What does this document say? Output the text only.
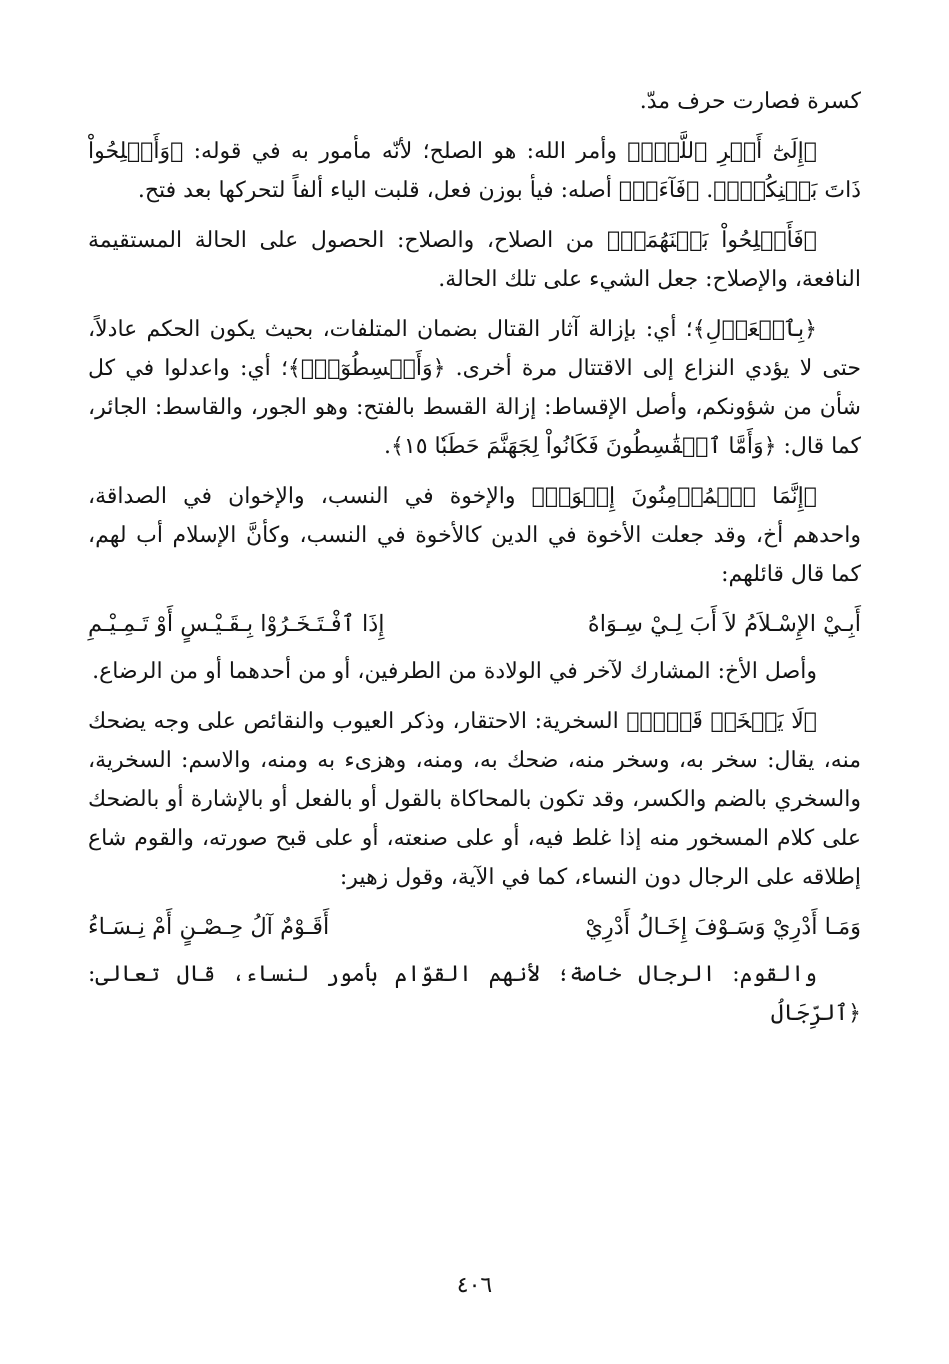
كسرة فصارت حرف مدّ.

﴿إِلَىٰٓ أَمۡرِ ٱللَّهِۚ﴾ وأمر الله: هو الصلح؛ لأنّه مأمور به في قوله: ﴿وَأَصۡلِحُواْ ذَاتَ بَيۡنِكُمۡۖ﴾. ﴿فَآءَتۡ﴾ أصله: فيأ بوزن فعل، قلبت الياء ألفاً لتحركها بعد فتح.

﴿فَأَصۡلِحُواْ بَيۡنَهُمَاۖ﴾ من الصلاح، والصلاح: الحصول على الحالة المستقيمة النافعة، والإصلاح: جعل الشيء على تلك الحالة.

﴿بِٱلۡعَدۡلِ﴾؛ أي: بإزالة آثار القتال بضمان المتلفات، بحيث يكون الحكم عادلاً، حتى لا يؤدي النزاع إلى الاقتتال مرة أخرى. ﴿وَأَقۡسِطُوٓاْۖ﴾؛ أي: واعدلوا في كل شأن من شؤونكم، وأصل الإقساط: إزالة القسط بالفتح: وهو الجور، والقاسط: الجائر، كما قال: ﴿وَأَمَّا ٱلۡقَٰسِطُونَ فَكَانُواْ لِجَهَنَّمَ حَطَبٗا ١٥﴾.

﴿إِنَّمَا ٱلۡمُؤۡمِنُونَ إِخۡوَةٞ﴾ والإخوة في النسب، والإخوان في الصداقة، واحدهم أخ، وقد جعلت الأخوة في الدين كالأخوة في النسب، وكأنَّ الإسلام أب لهم، كما قال قائلهم:

أَبِـيْ الإِسْـلاَمُ لاَ أَبَ لِـيْ سِـوَاهُ
إِذَا ٱفْـتَـخَـرُوْا بِـقَـيْـسٍ أَوْ تَـمِـيْـمِ

وأصل الأخ: المشارك لآخر في الولادة من الطرفين، أو من أحدهما أو من الرضاع.

﴿لَا يَسۡخَرۡ قَوۡمٞ﴾ السخرية: الاحتقار، وذكر العيوب والنقائص على وجه يضحك منه، يقال: سخر به، وسخر منه، ضحك به، ومنه، وهزىء به ومنه، والاسم: السخرية، والسخري بالضم والكسر، وقد تكون بالمحاكاة بالقول أو بالفعل أو بالإشارة أو بالضحك على كلام المسخور منه إذا غلط فيه، أو على صنعته، أو على قبح صورته، والقوم شاع إطلاقه على الرجال دون النساء، كما في الآية، وقول زهير:

وَمَـا أَدْرِيْ وَسَـوْفَ إِخَـالُ أَدْرِيْ
أَقَـوْمٌ آلُ حِـصْـنٍ أَمْ نِـسَـاءُ

والقوم: الرجال خاصة؛ لأنهم القوّام بأمور لنساء، قال تعالى: ﴿ٱلرِّجَالُ

٤٠٦
